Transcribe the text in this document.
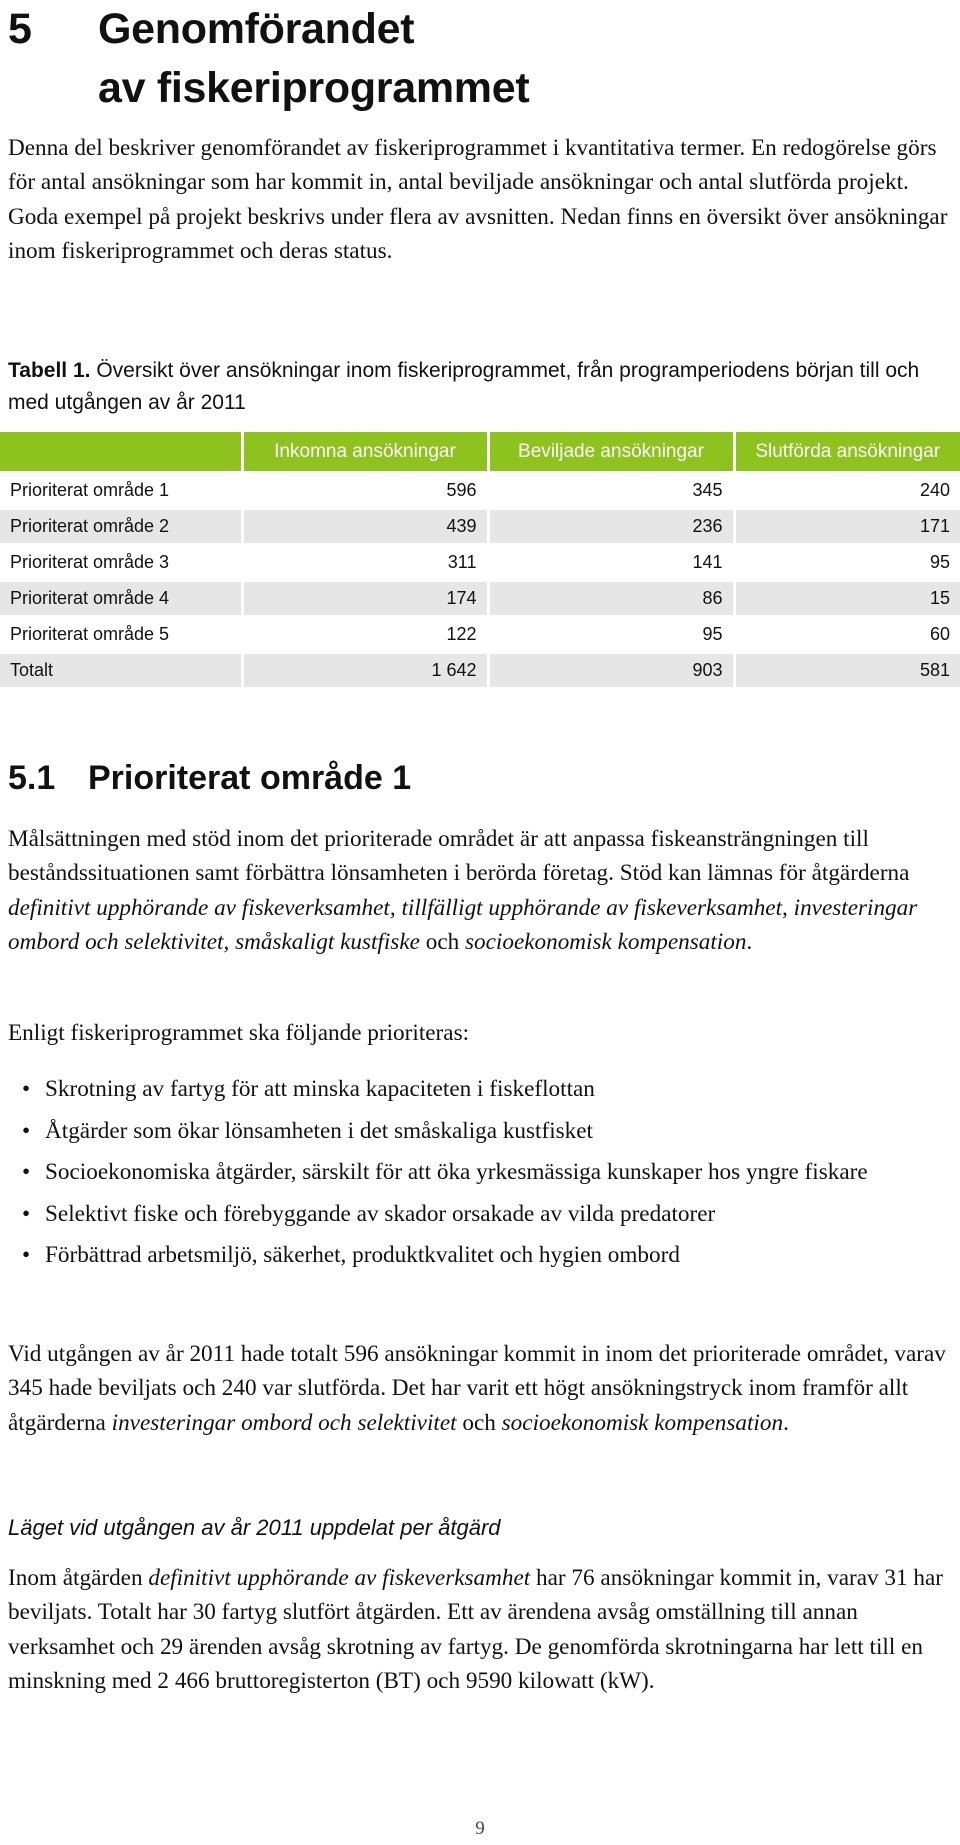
5 Genomförandet
av fiskeriprogrammet

Denna del beskriver genomförandet av fiskeriprogrammet i kvantitativa termer. En redogörelse görs för antal ansökningar som har kommit in, antal beviljade ansökningar och antal slutförda projekt. Goda exempel på projekt beskrivs under flera av avsnitten. Nedan finns en översikt över ansökningar inom fiskeriprogrammet och deras status.

Tabell 1. Översikt över ansökningar inom fiskeriprogrammet, från programperiodens början till och med utgången av år 2011

	Inkomna ansökningar	Beviljade ansökningar	Slutförda ansökningar
Prioriterat område 1	596	345	240
Prioriterat område 2	439	236	171
Prioriterat område 3	311	141	95
Prioriterat område 4	174	86	15
Prioriterat område 5	122	95	60
Totalt	1 642	903	581
5.1 Prioriterat område 1

Målsättningen med stöd inom det prioriterade området är att anpassa fiskeansträngningen till beståndssituationen samt förbättra lönsamheten i berörda företag. Stöd kan lämnas för åtgärderna definitivt upphörande av fiskeverksamhet, tillfälligt upphörande av fiskeverksamhet, investeringar ombord och selektivitet, småskaligt kustfiske och socioekonomisk kompensation.

Enligt fiskeriprogrammet ska följande prioriteras:

• Skrotning av fartyg för att minska kapaciteten i fiskeflottan
• Åtgärder som ökar lönsamheten i det småskaliga kustfisket
• Socioekonomiska åtgärder, särskilt för att öka yrkesmässiga kunskaper hos yngre fiskare
• Selektivt fiske och förebyggande av skador orsakade av vilda predatorer
• Förbättrad arbetsmiljö, säkerhet, produktkvalitet och hygien ombord

Vid utgången av år 2011 hade totalt 596 ansökningar kommit in inom det prioriterade området, varav 345 hade beviljats och 240 var slutförda. Det har varit ett högt ansökningstryck inom framför allt åtgärderna investeringar ombord och selektivitet och socioekonomisk kompensation.

Läget vid utgången av år 2011 uppdelat per åtgärd

Inom åtgärden definitivt upphörande av fiskeverksamhet har 76 ansökningar kommit in, varav 31 har beviljats. Totalt har 30 fartyg slutfört åtgärden. Ett av ärendena avsåg omställning till annan verksamhet och 29 ärenden avsåg skrotning av fartyg. De genomförda skrotningarna har lett till en minskning med 2 466 bruttoregisterton (BT) och 9590 kilowatt (kW).

9
